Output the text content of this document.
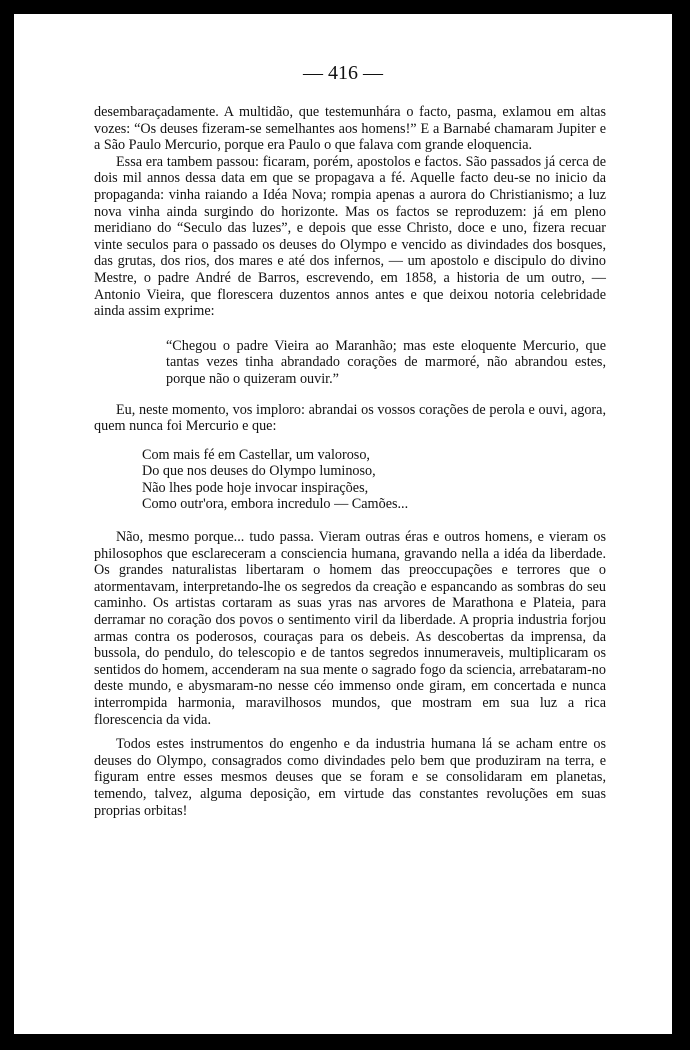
— 416 —

desembaraçadamente. A multidão, que testemunhára o facto, pasma, exlamou em altas vozes: “Os deuses fizeram-se semelhantes aos homens!” E a Barnabé chamaram Jupiter e a São Paulo Mercurio, porque era Paulo o que falava com grande eloquencia.

Essa era tambem passou: ficaram, porém, apostolos e factos. São passados já cerca de dois mil annos dessa data em que se propagava a fé. Aquelle facto deu-se no inicio da propaganda: vinha raiando a Idéa Nova; rompia apenas a aurora do Christianismo; a luz nova vinha ainda surgindo do horizonte. Mas os factos se reproduzem: já em pleno meridiano do “Seculo das luzes”, e depois que esse Christo, doce e uno, fizera recuar vinte seculos para o passado os deuses do Olympo e vencido as divindades dos bosques, das grutas, dos rios, dos mares e até dos infernos, — um apostolo e discipulo do divino Mestre, o padre André de Barros, escrevendo, em 1858, a historia de um outro, — Antonio Vieira, que florescera duzentos annos antes e que deixou notoria celebridade ainda assim exprime:

“Chegou o padre Vieira ao Maranhão; mas este eloquente Mercurio, que tantas vezes tinha abrandado corações de marmoré, não abrandou estes, porque não o quizeram ouvir.”

Eu, neste momento, vos imploro: abrandai os vossos corações de perola e ouvi, agora, quem nunca foi Mercurio e que:

Com mais fé em Castellar, um valoroso,
Do que nos deuses do Olympo luminoso,
Não lhes pode hoje invocar inspirações,
Como outr'ora, embora incredulo — Camões...

Não, mesmo porque... tudo passa. Vieram outras éras e outros homens, e vieram os philosophos que esclareceram a consciencia humana, gravando nella a idéa da liberdade. Os grandes naturalistas libertaram o homem das preoccupações e terrores que o atormentavam, interpretando-lhe os segredos da creação e espancando as sombras do seu caminho. Os artistas cortaram as suas yras nas arvores de Marathona e Plateia, para derramar no coração dos povos o sentimento viril da liberdade. A propria industria forjou armas contra os poderosos, couraças para os debeis. As descobertas da imprensa, da bussola, do pendulo, do telescopio e de tantos segredos innumeraveis, multiplicaram os sentidos do homem, accenderam na sua mente o sagrado fogo da sciencia, arrebataram-no deste mundo, e abysmaram-no nesse céo immenso onde giram, em concertada e nunca interrompida harmonia, maravilhosos mundos, que mostram em sua luz a rica florescencia da vida.

Todos estes instrumentos do engenho e da industria humana lá se acham entre os deuses do Olympo, consagrados como divindades pelo bem que produziram na terra, e figuram entre esses mesmos deuses que se foram e se consolidaram em planetas, temendo, talvez, alguma deposição, em virtude das constantes revoluções em suas proprias orbitas!
